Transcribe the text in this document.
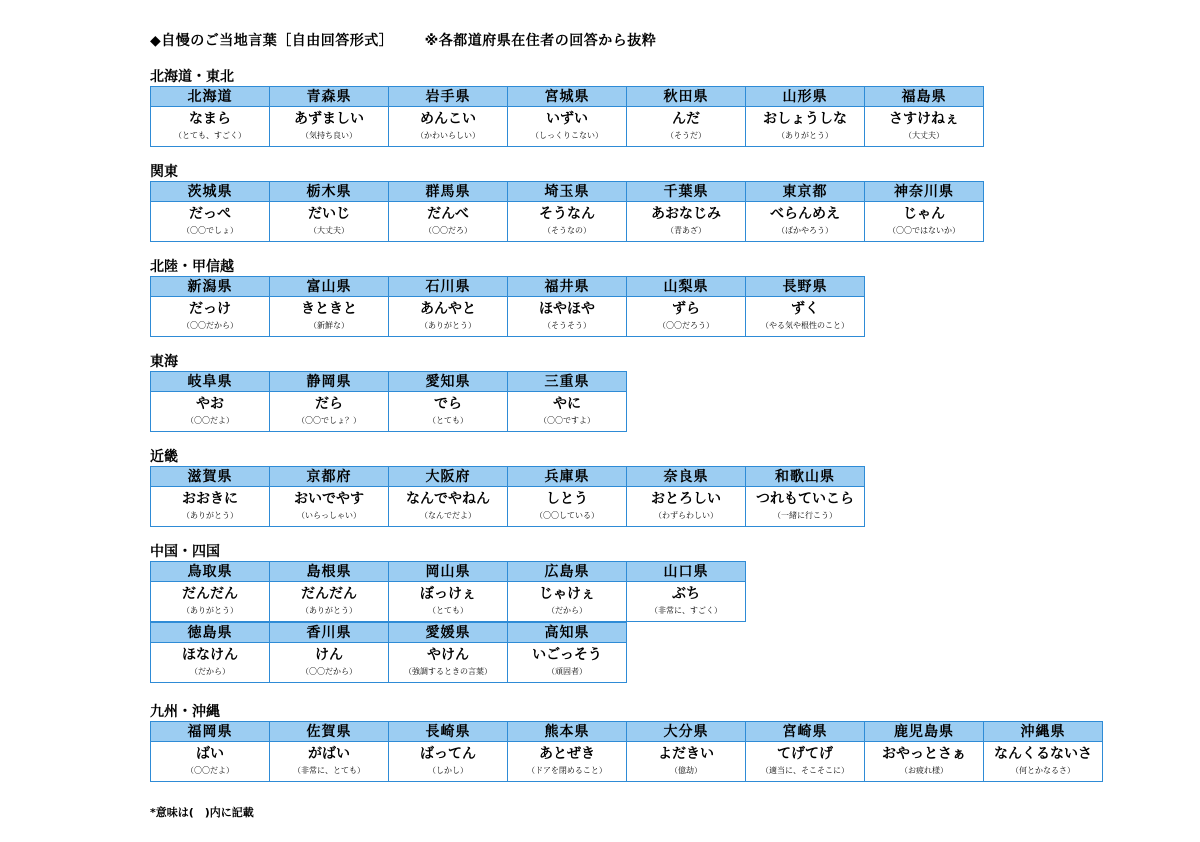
◆自慢のご当地言葉［自由回答形式］ ※各都道府県在住者の回答から抜粋
北海道・東北
北海道
なまら
（とても、すごく）
青森県
あずましい
（気持ち良い）
岩手県
めんこい
（かわいらしい）
宮城県
いずい
（しっくりこない）
秋田県
んだ
（そうだ）
山形県
おしょうしな
（ありがとう）
福島県
さすけねぇ
（大丈夫）
関東
茨城県
だっぺ
（〇〇でしょ）
栃木県
だいじ
（大丈夫）
群馬県
だんべ
（〇〇だろ）
埼玉県
そうなん
（そうなの）
千葉県
あおなじみ
（青あざ）
東京都
べらんめえ
（ばかやろう）
神奈川県
じゃん
（〇〇ではないか）
北陸・甲信越
新潟県
だっけ
（〇〇だから）
富山県
きときと
（新鮮な）
石川県
あんやと
（ありがとう）
福井県
ほやほや
（そうそう）
山梨県
ずら
（〇〇だろう）
長野県
ずく
（やる気や根性のこと）
東海
岐阜県
やお
（〇〇だよ）
静岡県
だら
（〇〇でしょ？）
愛知県
でら
（とても）
三重県
やに
（〇〇ですよ）
近畿
滋賀県
おおきに
（ありがとう）
京都府
おいでやす
（いらっしゃい）
大阪府
なんでやねん
（なんでだよ）
兵庫県
しとう
（〇〇している）
奈良県
おとろしい
（わずらわしい）
和歌山県
つれもていこら
（一緒に行こう）
中国・四国
鳥取県
だんだん
（ありがとう）
島根県
だんだん
（ありがとう）
岡山県
ぼっけぇ
（とても）
広島県
じゃけぇ
（だから）
山口県
ぶち
（非常に、すごく）
徳島県
ほなけん
（だから）
香川県
けん
（〇〇だから）
愛媛県
やけん
（強調するときの言葉）
高知県
いごっそう
（頑固者）
九州・沖縄
福岡県
ばい
（〇〇だよ）
佐賀県
がばい
（非常に、とても）
長崎県
ばってん
（しかし）
熊本県
あとぜき
（ドアを閉めること）
大分県
よだきい
（億劫）
宮崎県
てげてげ
（適当に、そこそこに）
鹿児島県
おやっとさぁ
（お疲れ様）
沖縄県
なんくるないさ
（何とかなるさ）
*意味は(　)内に記載
